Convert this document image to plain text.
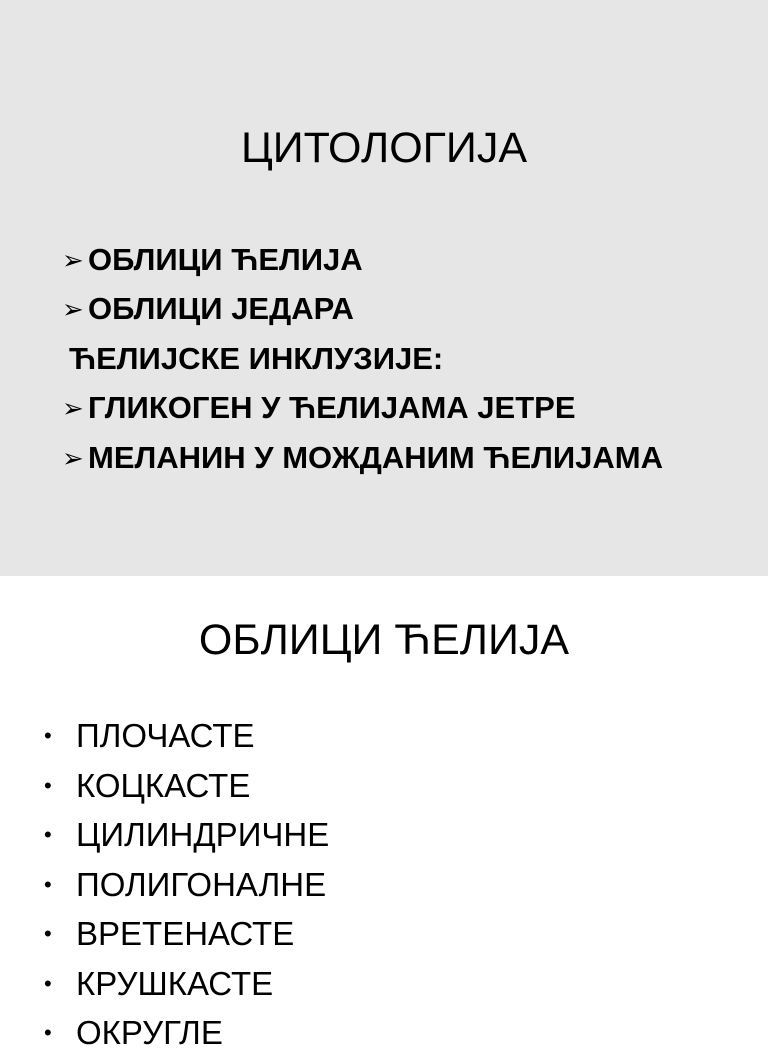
ЦИТОЛОГИЈА
➢ ОБЛИЦИ ЋЕЛИЈА
➢ ОБЛИЦИ ЈЕДАРА
ЋЕЛИЈСКЕ ИНКЛУЗИЈЕ:
➢ ГЛИКОГЕН У ЋЕЛИЈАМА ЈЕТРЕ
➢ МЕЛАНИН У МОЖДАНИМ ЋЕЛИЈАМА
ОБЛИЦИ ЋЕЛИЈА
• ПЛОЧАСТЕ
• КОЦКАСТЕ
• ЦИЛИНДРИЧНЕ
• ПОЛИГОНАЛНЕ
• ВРЕТЕНАСТЕ
• КРУШКАСТЕ
• ОКРУГЛЕ
